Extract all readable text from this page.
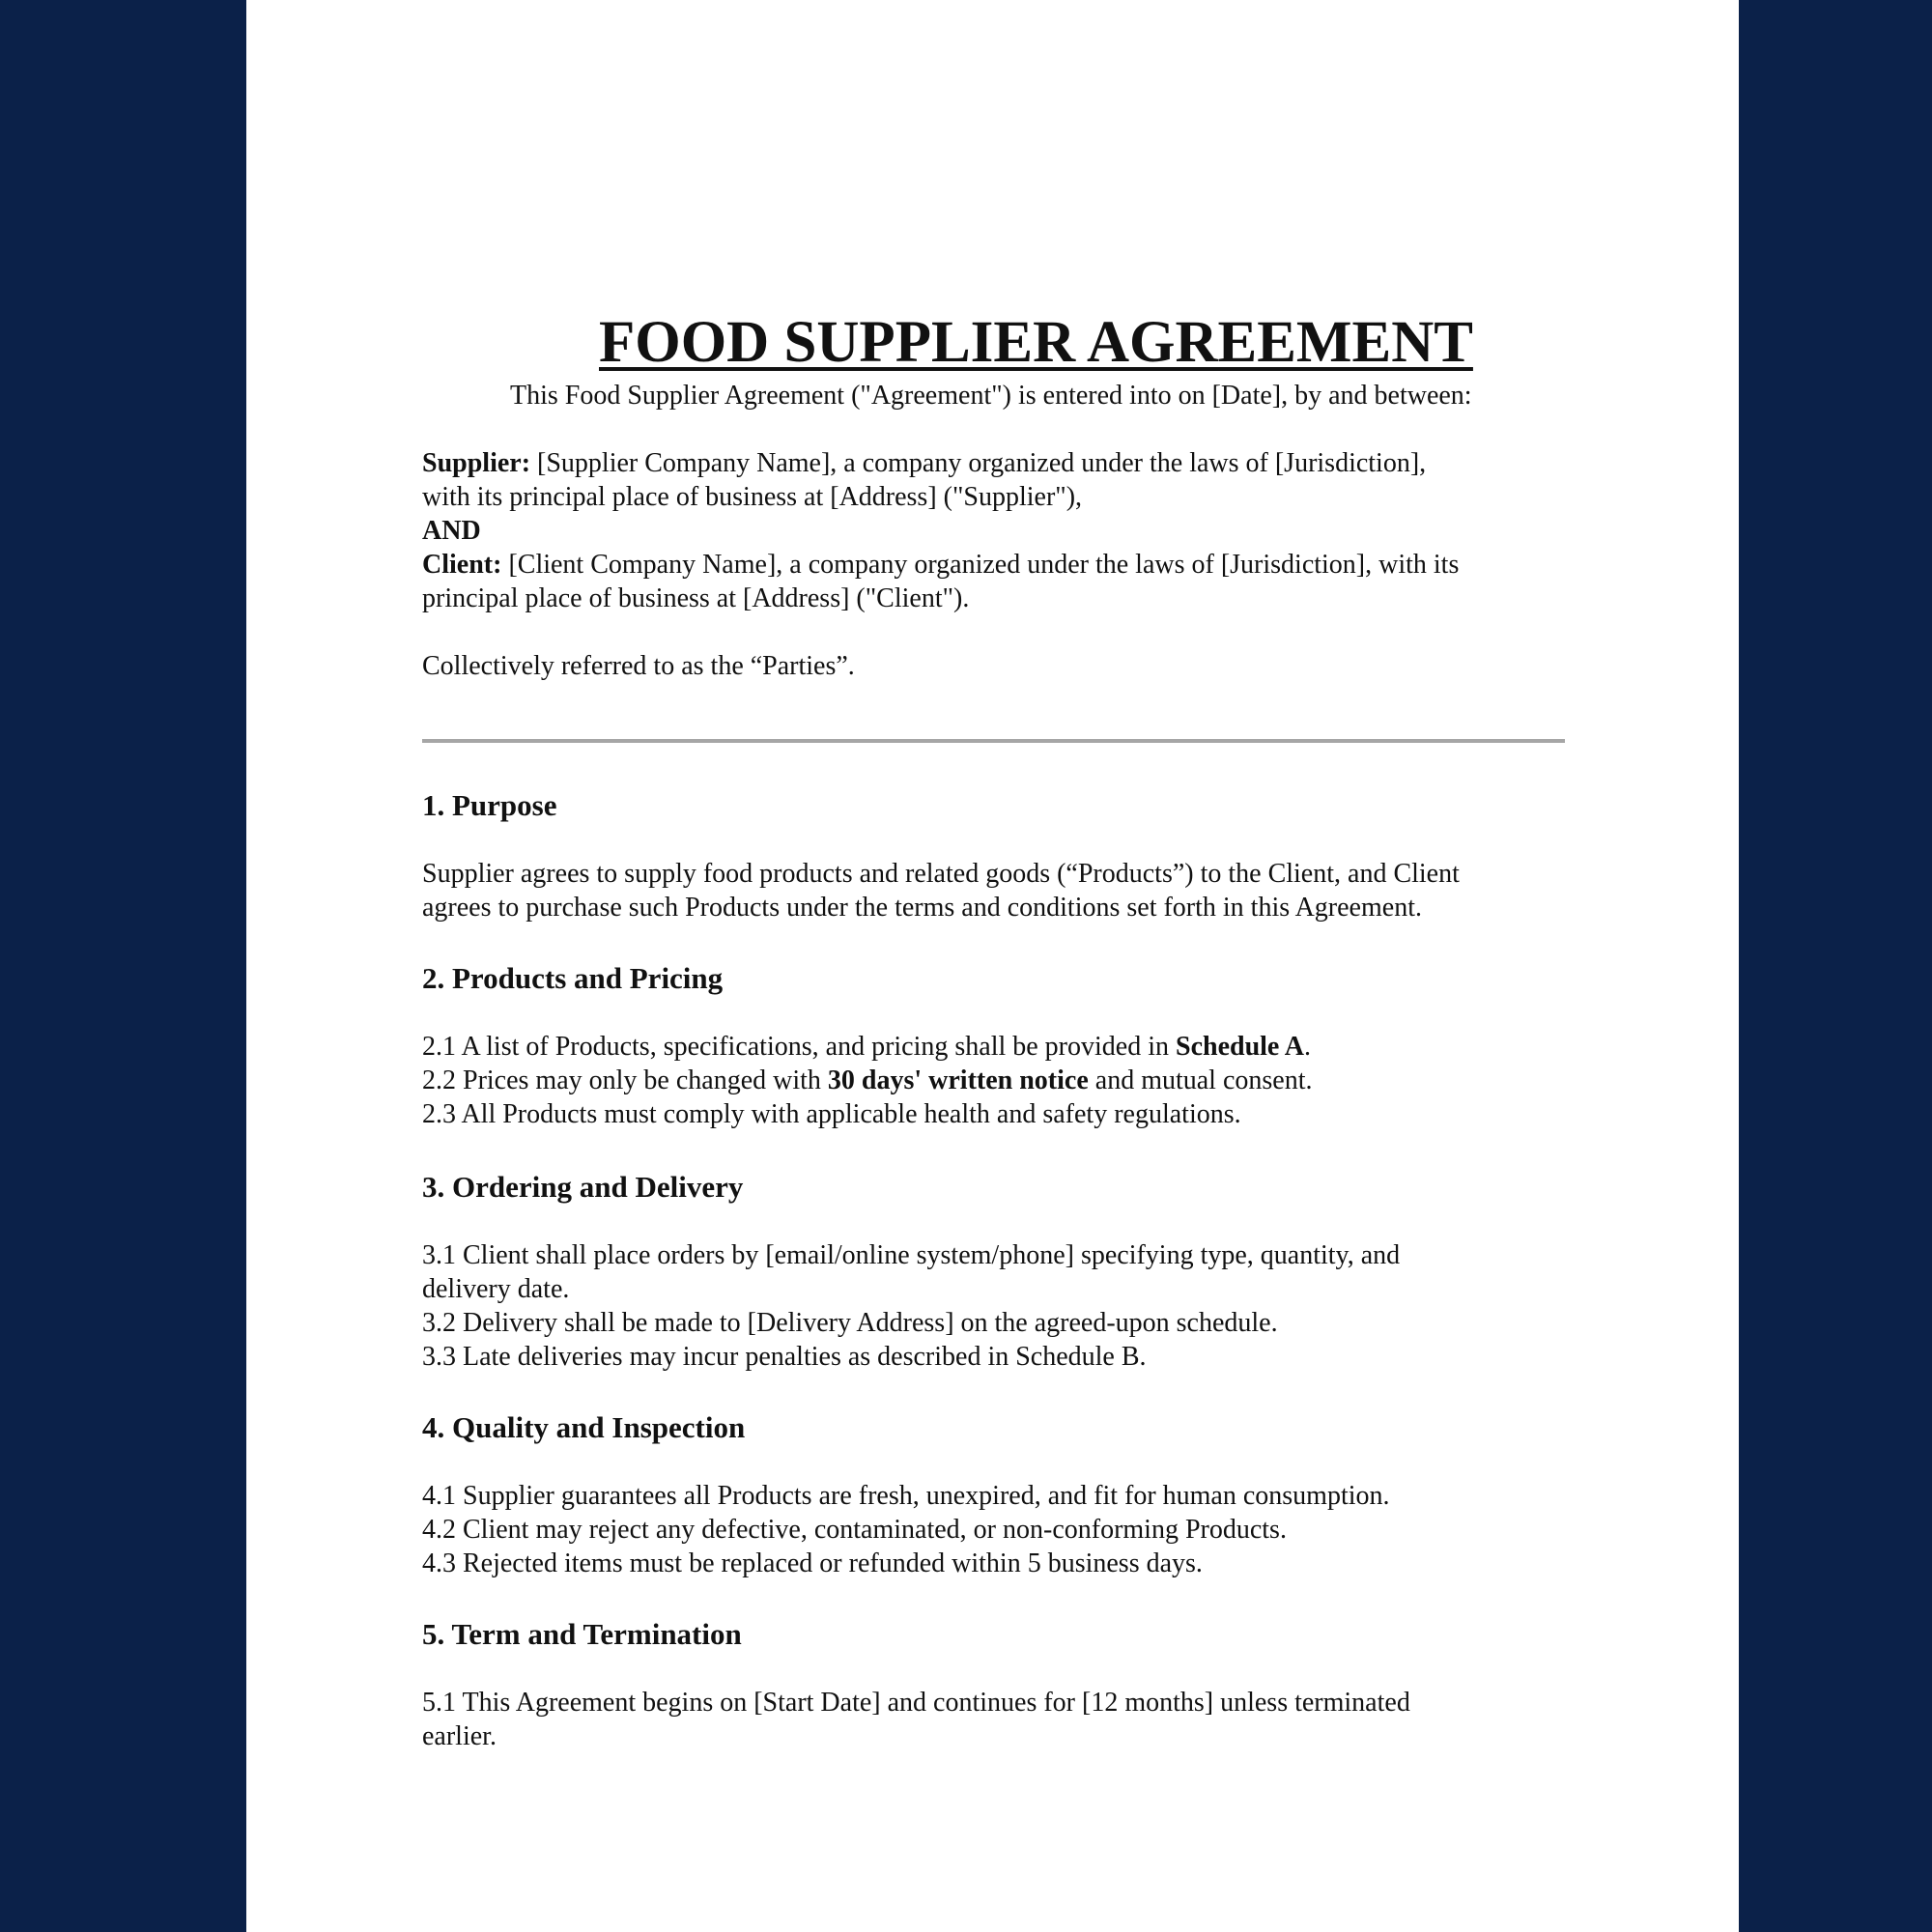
FOOD SUPPLIER AGREEMENT
This Food Supplier Agreement ("Agreement") is entered into on [Date], by and between:
Supplier: [Supplier Company Name], a company organized under the laws of [Jurisdiction],
with its principal place of business at [Address] ("Supplier"),
AND
Client: [Client Company Name], a company organized under the laws of [Jurisdiction], with its
principal place of business at [Address] ("Client").
Collectively referred to as the “Parties”.
1. Purpose
Supplier agrees to supply food products and related goods (“Products”) to the Client, and Client
agrees to purchase such Products under the terms and conditions set forth in this Agreement.
2. Products and Pricing
2.1 A list of Products, specifications, and pricing shall be provided in Schedule A.
2.2 Prices may only be changed with 30 days' written notice and mutual consent.
2.3 All Products must comply with applicable health and safety regulations.
3. Ordering and Delivery
3.1 Client shall place orders by [email/online system/phone] specifying type, quantity, and
delivery date.
3.2 Delivery shall be made to [Delivery Address] on the agreed-upon schedule.
3.3 Late deliveries may incur penalties as described in Schedule B.
4. Quality and Inspection
4.1 Supplier guarantees all Products are fresh, unexpired, and fit for human consumption.
4.2 Client may reject any defective, contaminated, or non-conforming Products.
4.3 Rejected items must be replaced or refunded within 5 business days.
5. Term and Termination
5.1 This Agreement begins on [Start Date] and continues for [12 months] unless terminated
earlier.
